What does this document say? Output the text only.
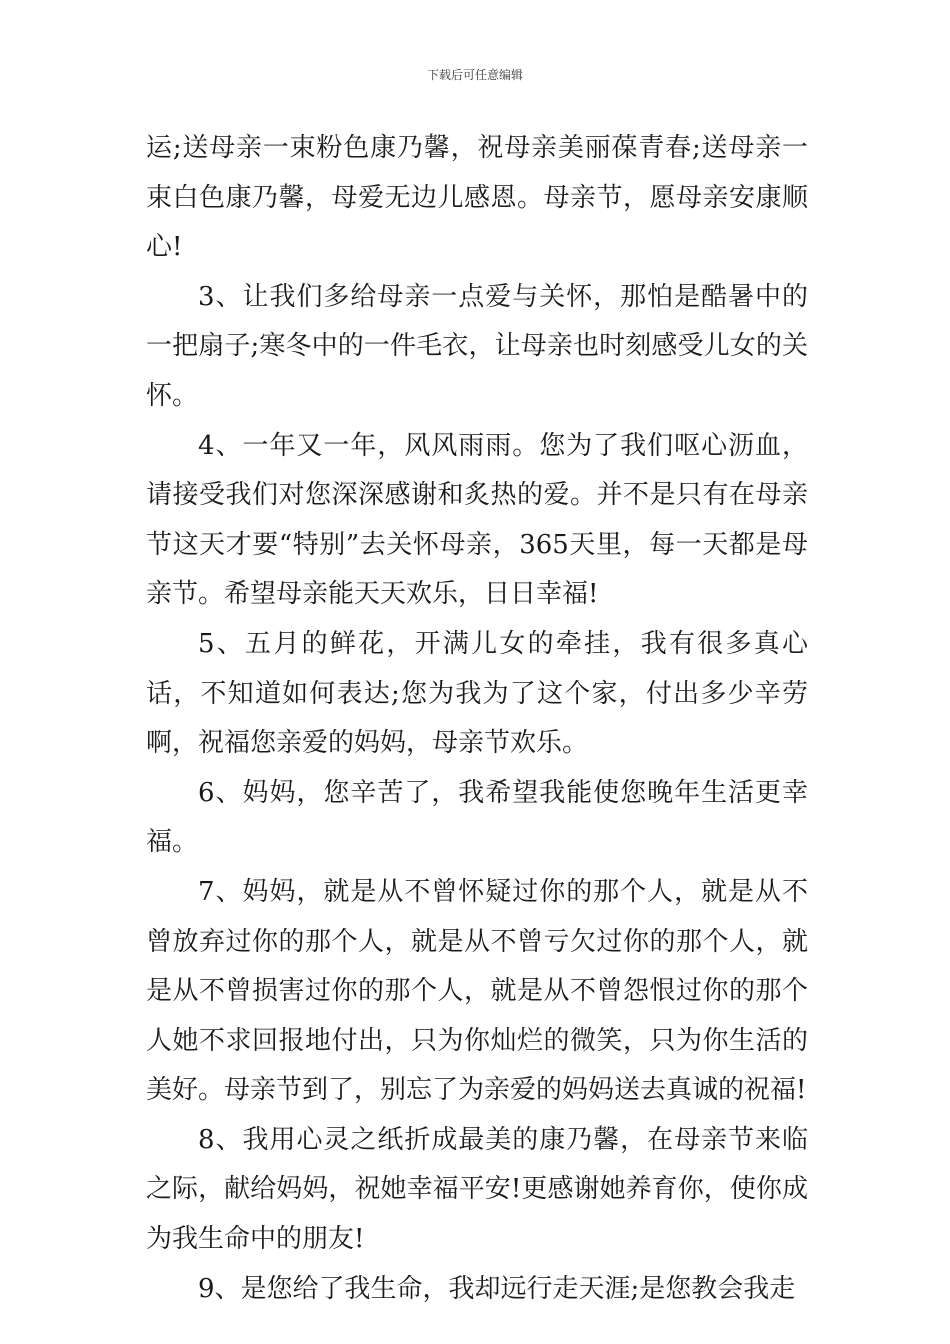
下载后可任意编辑

运;送母亲一束粉色康乃馨，祝母亲美丽葆青春;送母亲一束白色康乃馨，母爱无边儿感恩。母亲节，愿母亲安康顺心!

3、让我们多给母亲一点爱与关怀，那怕是酷暑中的一把扇子;寒冬中的一件毛衣，让母亲也时刻感受儿女的关怀。

4、一年又一年，风风雨雨。您为了我们呕心沥血，请接受我们对您深深感谢和炙热的爱。并不是只有在母亲节这天才要“特别”去关怀母亲，365天里，每一天都是母亲节。希望母亲能天天欢乐，日日幸福!

5、五月的鲜花，开满儿女的牵挂，我有很多真心话，不知道如何表达;您为我为了这个家，付出多少辛劳啊，祝福您亲爱的妈妈，母亲节欢乐。

6、妈妈，您辛苦了，我希望我能使您晚年生活更幸福。

7、妈妈，就是从不曾怀疑过你的那个人，就是从不曾放弃过你的那个人，就是从不曾亏欠过你的那个人，就是从不曾损害过你的那个人，就是从不曾怨恨过你的那个人她不求回报地付出，只为你灿烂的微笑，只为你生活的美好。母亲节到了，别忘了为亲爱的妈妈送去真诚的祝福!

8、我用心灵之纸折成最美的康乃馨，在母亲节来临之际，献给妈妈，祝她幸福平安!更感谢她养育你，使你成为我生命中的朋友!

9、是您给了我生命，我却远行走天涯;是您教会我走
